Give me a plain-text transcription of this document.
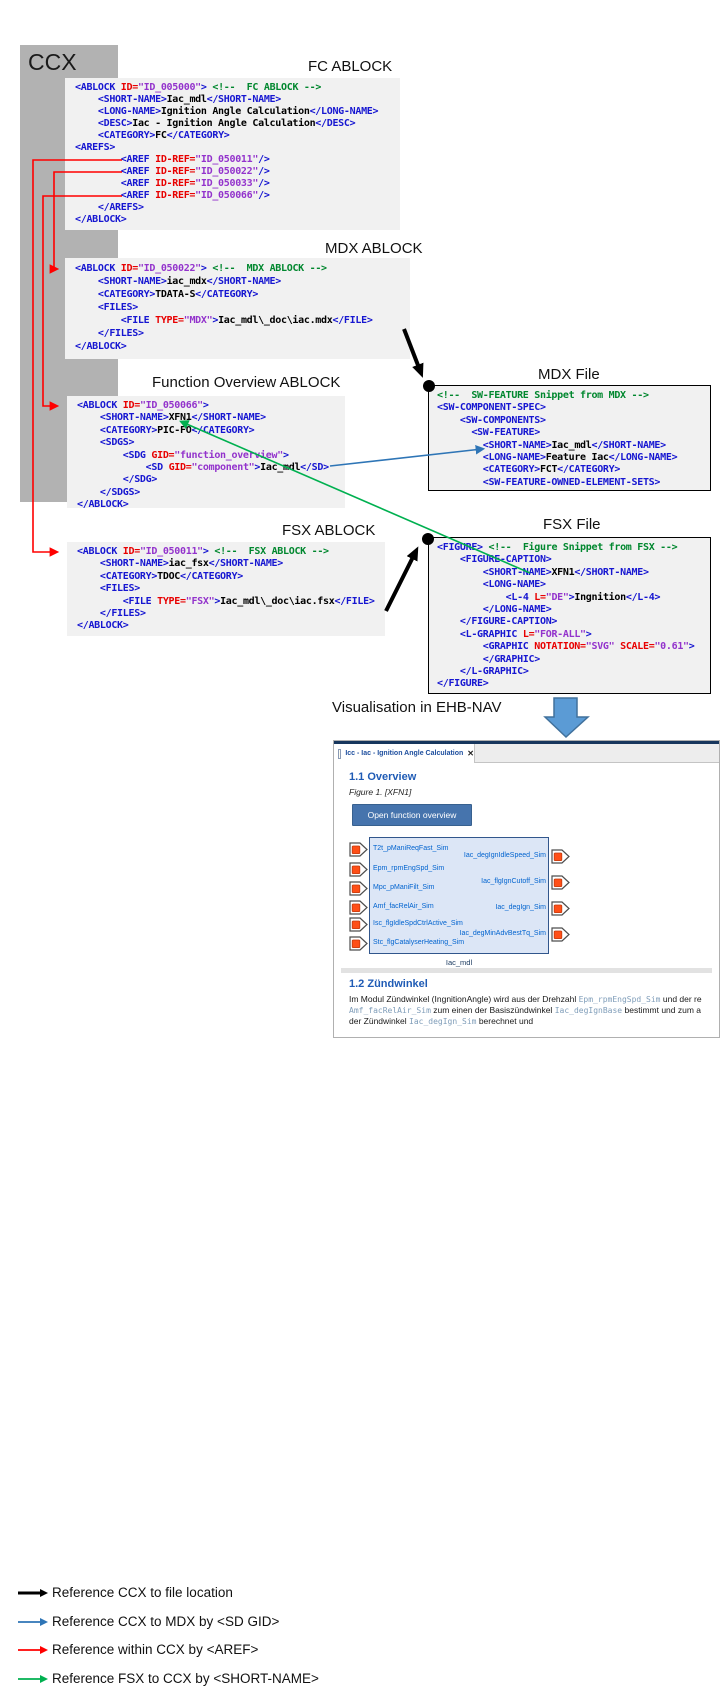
CCX	FC ABLOCK
<ABLOCK ID="ID_005000"> <!--  FC ABLOCK -->
<SHORT-NAME>Iac_mdl</SHORT-NAME>
<LONG-NAME>Ignition Angle Calculation</LONG-NAME>
<DESC>Iac - Ignition Angle Calculation</DESC>
<CATEGORY>FC</CATEGORY>
<AREFS>
<AREF ID-REF="ID_050011"/>
<AREF ID-REF="ID_050022"/>
<AREF ID-REF="ID_050033"/>
<AREF ID-REF="ID_050066"/>
</AREFS>
</ABLOCK>
MDX ABLOCK
<ABLOCK ID="ID_050022"> <!--  MDX ABLOCK -->
<SHORT-NAME>iac_mdx</SHORT-NAME>
<CATEGORY>TDATA-S</CATEGORY>
<FILES>
<FILE TYPE="MDX">Iac_mdl\_doc\iac.mdx</FILE>
</FILES>
</ABLOCK>
Function Overview ABLOCK
<ABLOCK ID="ID_050066">
<SHORT-NAME>XFN1</SHORT-NAME>
<CATEGORY>PIC-FO</CATEGORY>
<SDGS>
<SDG GID="function_overview">
<SD GID="component">Iac_mdl</SD>
</SDG>
</SDGS>
</ABLOCK>
FSX ABLOCK
<ABLOCK ID="ID_050011"> <!--  FSX ABLOCK -->
<SHORT-NAME>iac_fsx</SHORT-NAME>
<CATEGORY>TDOC</CATEGORY>
<FILES>
<FILE TYPE="FSX">Iac_mdl\_doc\iac.fsx</FILE>
</FILES>
</ABLOCK>
MDX File
<!--  SW-FEATURE Snippet from MDX -->
<SW-COMPONENT-SPEC>
<SW-COMPONENTS>
<SW-FEATURE>
<SHORT-NAME>Iac_mdl</SHORT-NAME>
<LONG-NAME>Feature Iac</LONG-NAME>
<CATEGORY>FCT</CATEGORY>
<SW-FEATURE-OWNED-ELEMENT-SETS>
FSX File
<FIGURE> <!--  Figure Snippet from FSX -->
<FIGURE-CAPTION>
<SHORT-NAME>XFN1</SHORT-NAME>
<LONG-NAME>
<L-4 L="DE">Ingnition</L-4>
</LONG-NAME>
</FIGURE-CAPTION>
<L-GRAPHIC L="FOR-ALL">
<GRAPHIC NOTATION="SVG" SCALE="0.61">
</GRAPHIC>
</L-GRAPHIC>
</FIGURE>
Reference CCX to file location
Reference CCX to MDX by <SD GID>
Reference within CCX by <AREF>
Reference FSX to CCX by <SHORT-NAME>
Visualisation in EHB-NAV
Icc - Iac - Ignition Angle Calculation ✕
1.1 Overview
Figure 1. [XFN1]
Open function overview
Iac_mdl
1.2 Zündwinkel
Im Modul Zündwinkel (IngnitionAngle) wird aus der Drehzahl Epm_rpmEngSpd_Sim und der re
Amf_facRelAir_Sim zum einen der Basiszündwinkel Iac_degIgnBase bestimmt und zum a
der Zündwinkel Iac_degIgn_Sim berechnet und
T2t_pManiReqFast_Sim
Epm_rpmEngSpd_Sim
Mpc_pManiFilt_Sim
Amf_facRelAir_Sim
Isc_flgIdleSpdCtrlActive_Sim
Stc_flgCatalyserHeating_Sim
Iac_degIgnIdleSpeed_Sim
Iac_flgIgnCutoff_Sim
Iac_degIgn_Sim
Iac_degMinAdvBestTq_Sim
